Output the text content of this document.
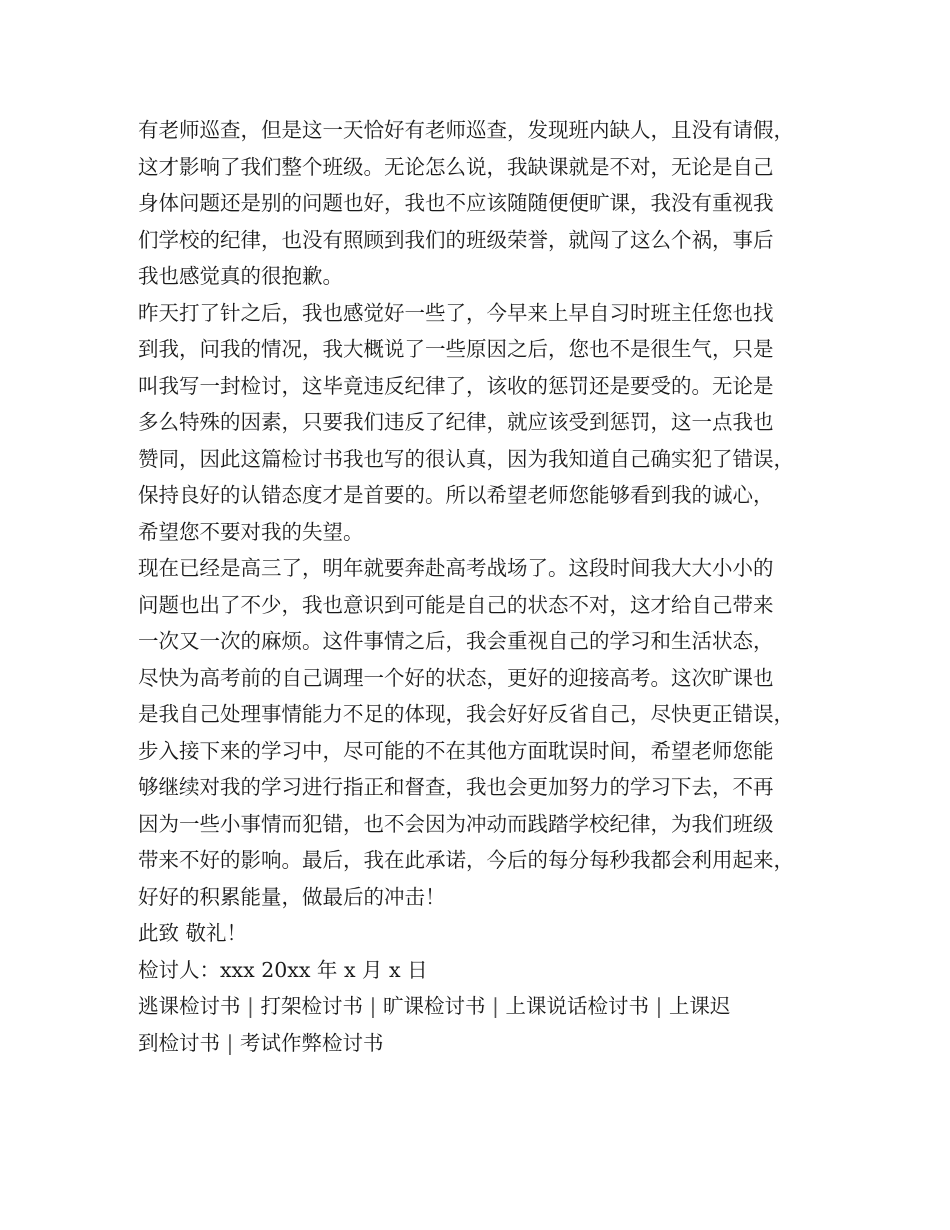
有老师巡查，但是这一天恰好有老师巡查，发现班内缺人，且没有请假，
这才影响了我们整个班级。无论怎么说，我缺课就是不对，无论是自己
身体问题还是别的问题也好，我也不应该随随便便旷课，我没有重视我
们学校的纪律，也没有照顾到我们的班级荣誉，就闯了这么个祸，事后
我也感觉真的很抱歉。
昨天打了针之后，我也感觉好一些了，今早来上早自习时班主任您也找
到我，问我的情况，我大概说了一些原因之后，您也不是很生气，只是
叫我写一封检讨，这毕竟违反纪律了，该收的惩罚还是要受的。无论是
多么特殊的因素，只要我们违反了纪律，就应该受到惩罚，这一点我也
赞同，因此这篇检讨书我也写的很认真，因为我知道自己确实犯了错误，
保持良好的认错态度才是首要的。所以希望老师您能够看到我的诚心，
希望您不要对我的失望。
现在已经是高三了，明年就要奔赴高考战场了。这段时间我大大小小的
问题也出了不少，我也意识到可能是自己的状态不对，这才给自己带来
一次又一次的麻烦。这件事情之后，我会重视自己的学习和生活状态，
尽快为高考前的自己调理一个好的状态，更好的迎接高考。这次旷课也
是我自己处理事情能力不足的体现，我会好好反省自己，尽快更正错误，
步入接下来的学习中，尽可能的不在其他方面耽误时间，希望老师您能
够继续对我的学习进行指正和督查，我也会更加努力的学习下去，不再
因为一些小事情而犯错，也不会因为冲动而践踏学校纪律，为我们班级
带来不好的影响。最后，我在此承诺，今后的每分每秒我都会利用起来，
好好的积累能量，做最后的冲击！
此致 敬礼！
检讨人：xxx 20xx 年 x 月 x 日
逃课检讨书 | 打架检讨书 | 旷课检讨书 | 上课说话检讨书 | 上课迟
到检讨书 | 考试作弊检讨书
